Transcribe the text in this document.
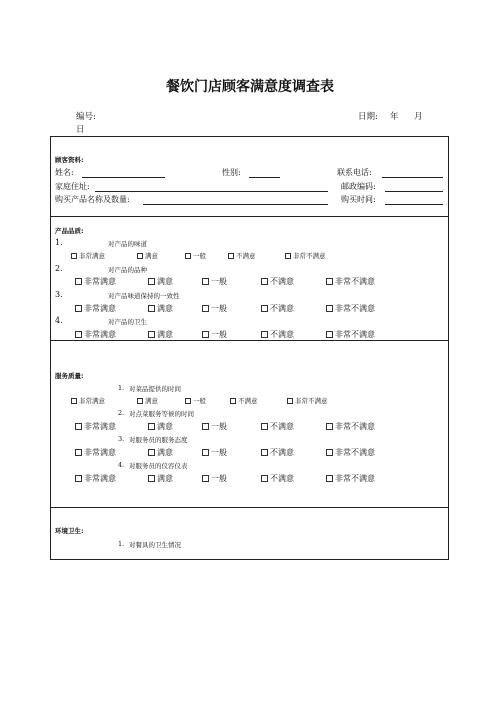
餐饮门店顾客满意度调查表
编号:	日期: 年 月
日
顾客资料:
姓名:	性别:	联系电话:
家庭住址:	邮政编码:
购买产品名称及数量:	购买时间:
产品品质:
1.	对产品的味道
非常满意	满意	一般	不满意	非常不满意
2.	对产品的品种
非常满意	满意	一般	不满意	非常不满意
3.	对产品味道保持的一致性
非常满意	满意	一般	不满意	非常不满意
4.	对产品的卫生
非常满意	满意	一般	不满意	非常不满意
服务质量:
1. 对菜品提供的时间
非常满意	满意	一般	不满意	非常不满意
2. 对点菜服务等候的时间
非常满意	满意	一般	不满意	非常不满意
3. 对服务员的服务态度
非常满意	满意	一般	不满意	非常不满意
4. 对服务员的仪容仪表
非常满意	满意	一般	不满意	非常不满意
环境卫生:
1. 对餐具的卫生情况
